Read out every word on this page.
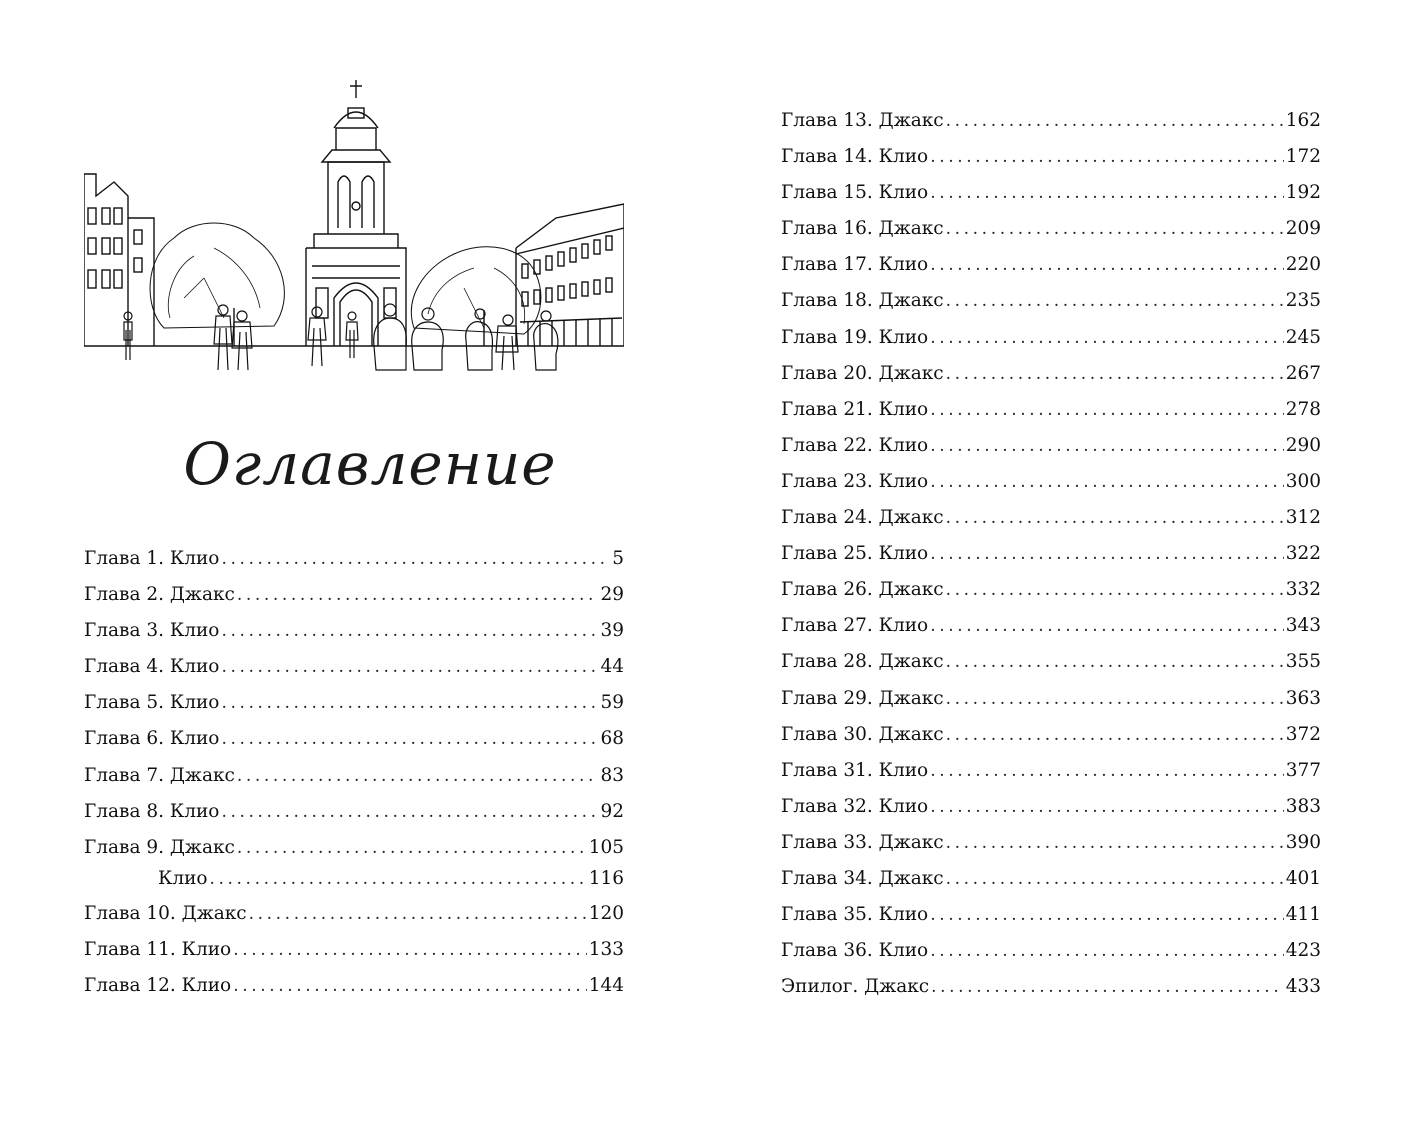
Оглавление
Глава 1. Клио .....	5
Глава 2. Джакс .....	29
Глава 3. Клио .....	39
Глава 4. Клио .....	44
Глава 5. Клио .....	59
Глава 6. Клио .....	68
Глава 7. Джакс .....	83
Глава 8. Клио .....	92
Глава 9. Джакс .....	105
Клио .....	116
Глава 10. Джакс .....	120
Глава 11. Клио .....	133
Глава 12. Клио .....	144
Глава 13. Джакс .....	162
Глава 14. Клио .....	172
Глава 15. Клио .....	192
Глава 16. Джакс .....	209
Глава 17. Клио .....	220
Глава 18. Джакс .....	235
Глава 19. Клио .....	245
Глава 20. Джакс .....	267
Глава 21. Клио .....	278
Глава 22. Клио .....	290
Глава 23. Клио .....	300
Глава 24. Джакс .....	312
Глава 25. Клио .....	322
Глава 26. Джакс .....	332
Глава 27. Клио .....	343
Глава 28. Джакс .....	355
Глава 29. Джакс .....	363
Глава 30. Джакс .....	372
Глава 31. Клио .....	377
Глава 32. Клио .....	383
Глава 33. Джакс .....	390
Глава 34. Джакс .....	401
Глава 35. Клио .....	411
Глава 36. Клио .....	423
Эпилог. Джакс .....	433
